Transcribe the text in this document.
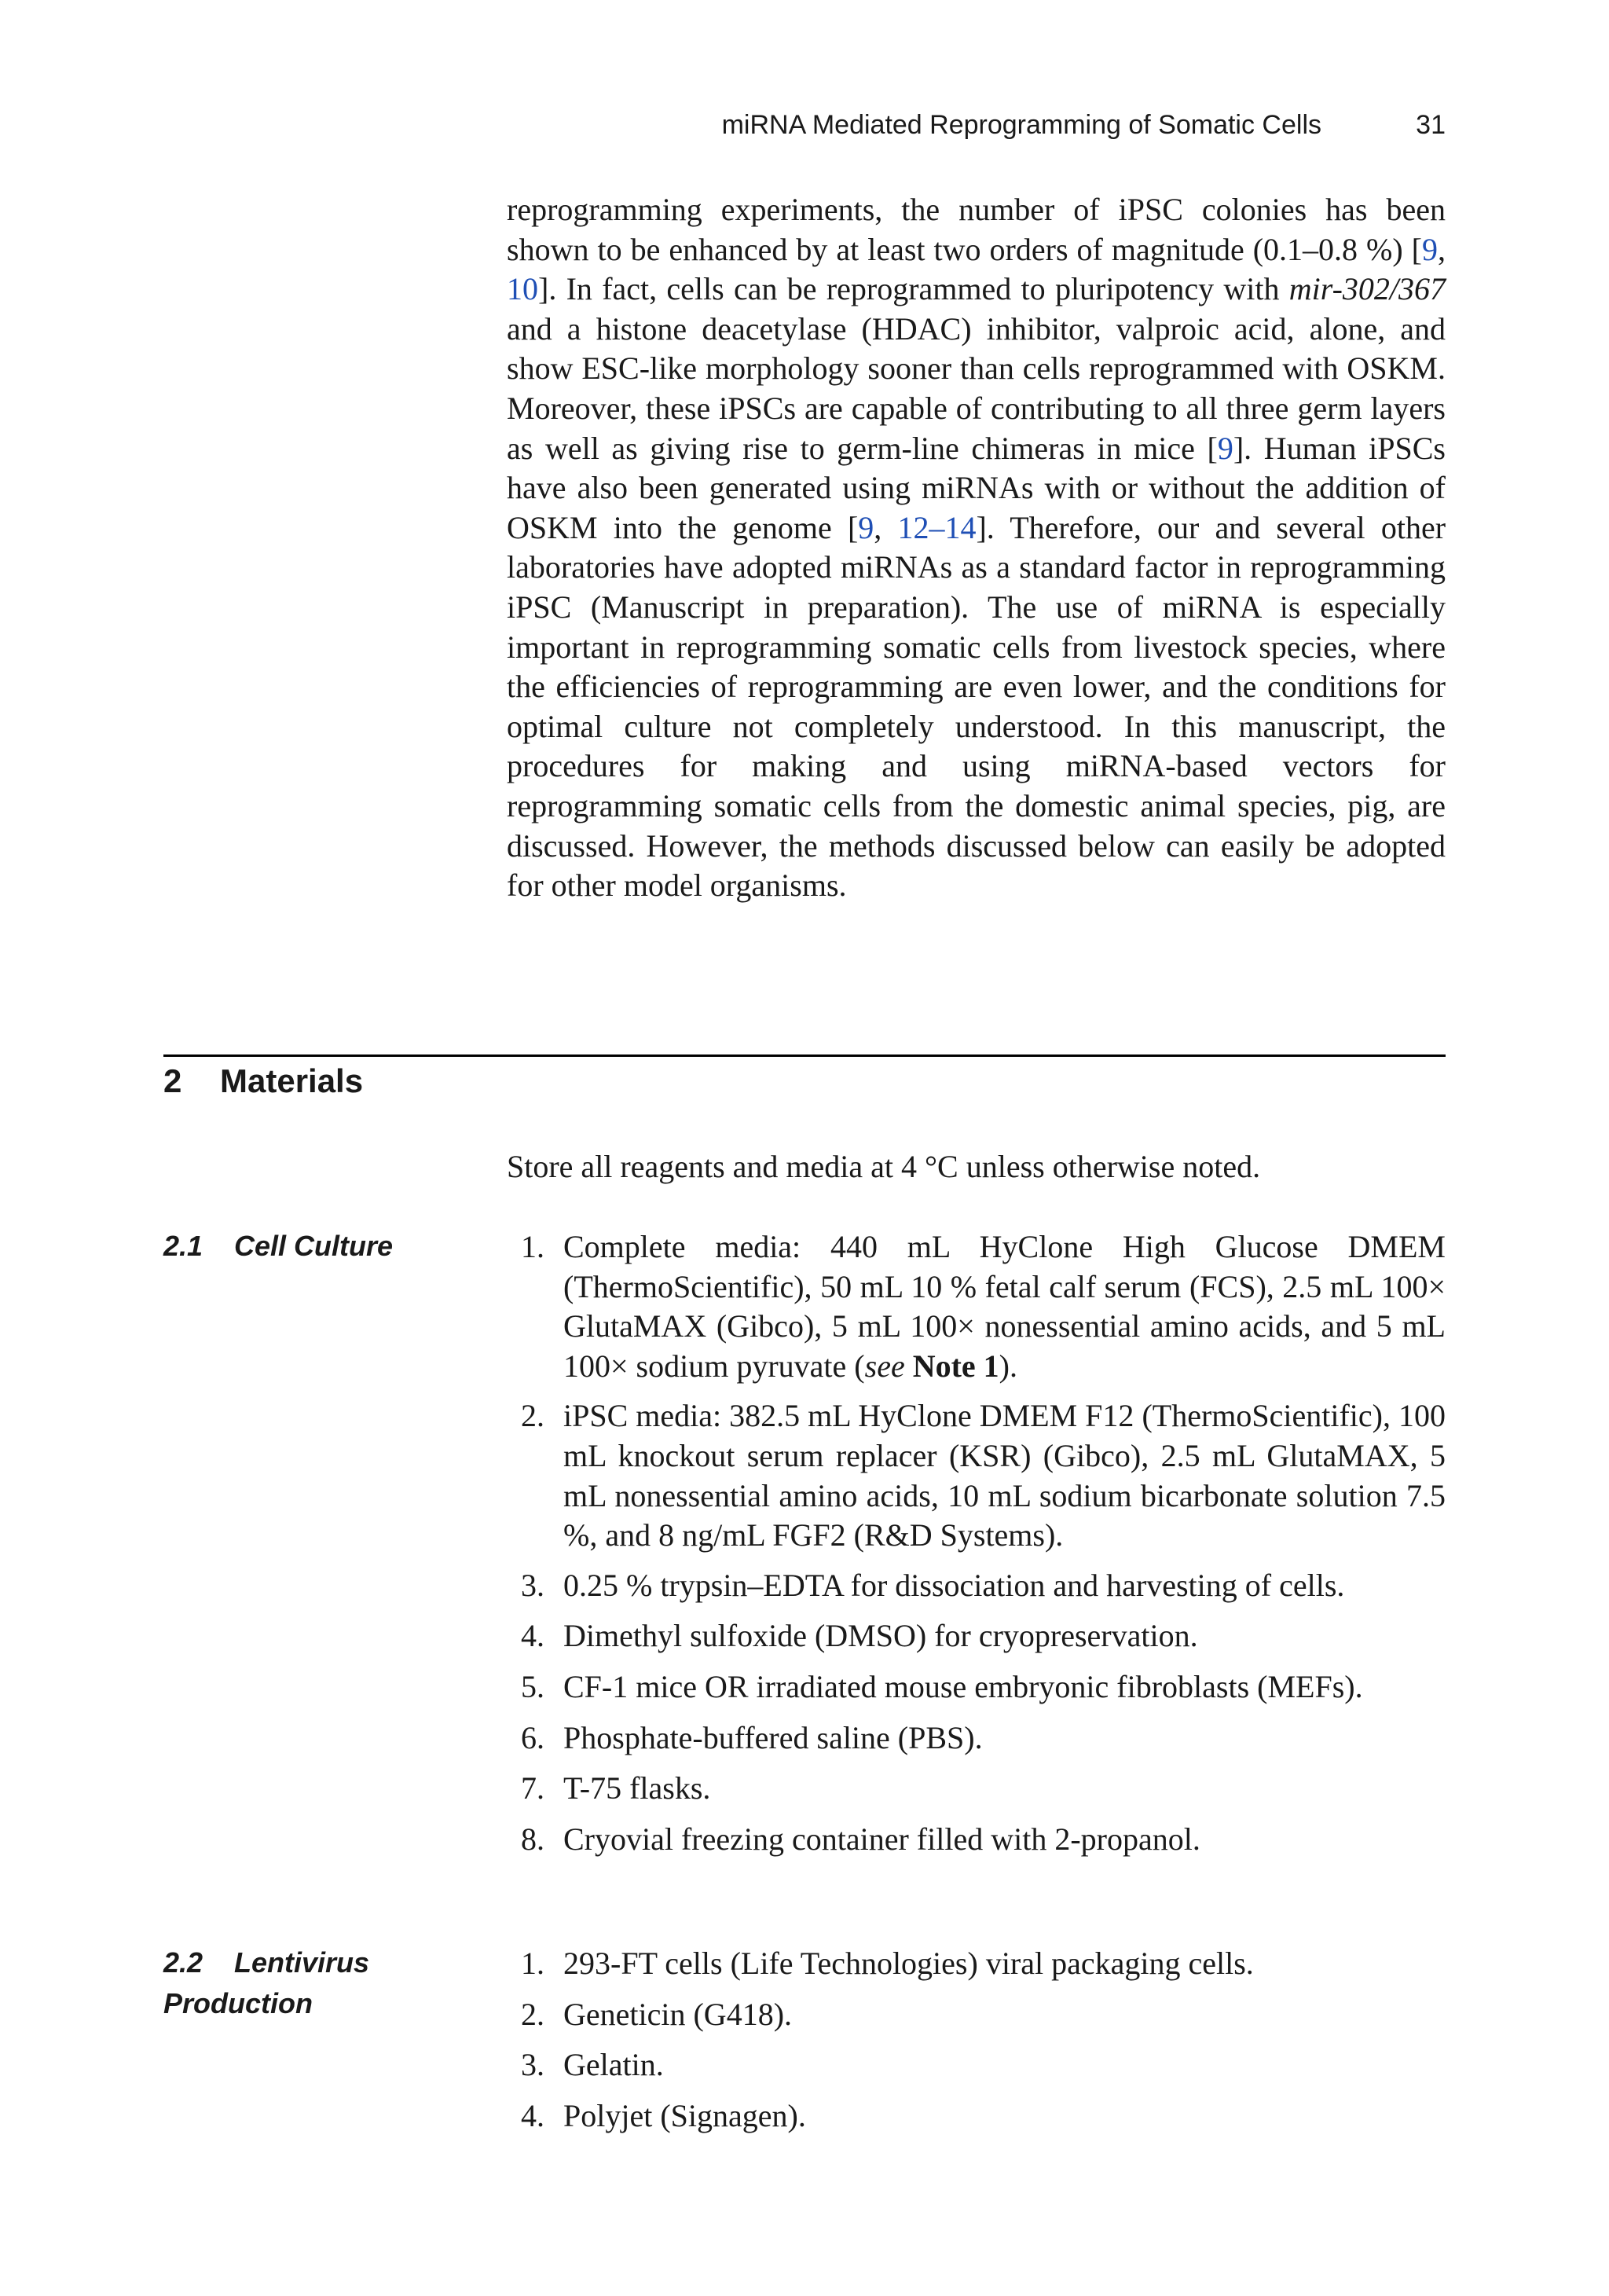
miRNA Mediated Reprogramming of Somatic Cells	31

reprogramming experiments, the number of iPSC colonies has been shown to be enhanced by at least two orders of magnitude (0.1–0.8 %) [9, 10]. In fact, cells can be reprogrammed to pluripotency with mir-302/367 and a histone deacetylase (HDAC) inhibitor, valproic acid, alone, and show ESC-like morphology sooner than cells reprogrammed with OSKM. Moreover, these iPSCs are capable of contributing to all three germ layers as well as giving rise to germ-line chimeras in mice [9]. Human iPSCs have also been generated using miRNAs with or without the addition of OSKM into the genome [9, 12–14]. Therefore, our and several other laboratories have adopted miRNAs as a standard factor in reprogramming iPSC (Manuscript in preparation). The use of miRNA is especially important in reprogramming somatic cells from livestock species, where the efficiencies of reprogramming are even lower, and the conditions for optimal culture not completely understood. In this manuscript, the procedures for making and using miRNA-based vectors for reprogramming somatic cells from the domestic animal species, pig, are discussed. However, the methods discussed below can easily be adopted for other model organisms.

2 Materials

Store all reagents and media at 4 °C unless otherwise noted.

2.1 Cell Culture	1. Complete media: 440 mL HyClone High Glucose DMEM (ThermoScientific), 50 mL 10 % fetal calf serum (FCS), 2.5 mL 100× GlutaMAX (Gibco), 5 mL 100× nonessential amino acids, and 5 mL 100× sodium pyruvate (see Note 1).
2. iPSC media: 382.5 mL HyClone DMEM F12 (ThermoScientific), 100 mL knockout serum replacer (KSR) (Gibco), 2.5 mL GlutaMAX, 5 mL nonessential amino acids, 10 mL sodium bicarbonate solution 7.5 %, and 8 ng/mL FGF2 (R&D Systems).
3. 0.25 % trypsin–EDTA for dissociation and harvesting of cells.
4. Dimethyl sulfoxide (DMSO) for cryopreservation.
5. CF-1 mice OR irradiated mouse embryonic fibroblasts (MEFs).
6. Phosphate-buffered saline (PBS).
7. T-75 flasks.
8. Cryovial freezing container filled with 2-propanol.
2.2 Lentivirus
Production
1. 293-FT cells (Life Technologies) viral packaging cells.
2. Geneticin (G418).
3. Gelatin.
4. Polyjet (Signagen).
